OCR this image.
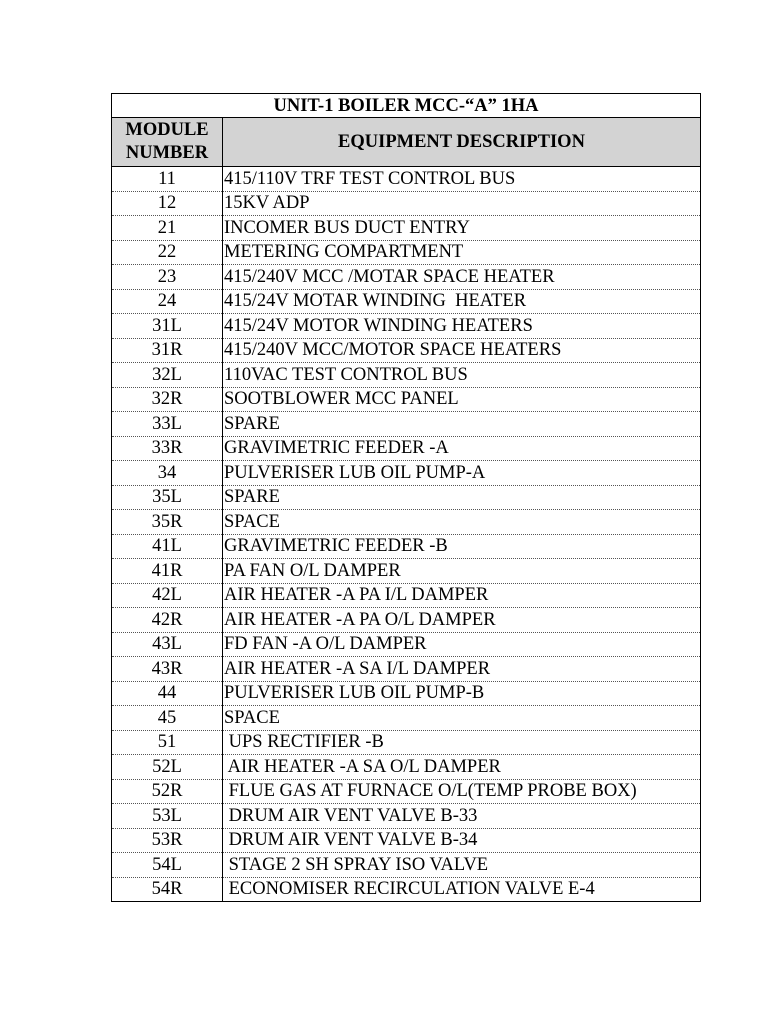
UNIT-1 BOILER MCC-“A” 1HA	
MODULE NUMBER	EQUIPMENT DESCRIPTION
11	415/110V TRF TEST CONTROL BUS
12	15KV ADP
21	INCOMER BUS DUCT ENTRY
22	METERING COMPARTMENT
23	415/240V MCC /MOTAR SPACE HEATER
24	415/24V MOTAR WINDING  HEATER
31L	415/24V MOTOR WINDING HEATERS
31R	415/240V MCC/MOTOR SPACE HEATERS
32L	110VAC TEST CONTROL BUS
32R	SOOTBLOWER MCC PANEL
33L	SPARE
33R	GRAVIMETRIC FEEDER -A
34	PULVERISER LUB OIL PUMP-A
35L	SPARE
35R	SPACE
41L	GRAVIMETRIC FEEDER -B
41R	PA FAN O/L DAMPER
42L	AIR HEATER -A PA I/L DAMPER
42R	AIR HEATER -A PA O/L DAMPER
43L	FD FAN -A O/L DAMPER
43R	AIR HEATER -A SA I/L DAMPER
44	PULVERISER LUB OIL PUMP-B
45	SPACE
51	UPS RECTIFIER -B
52L	AIR HEATER -A SA O/L DAMPER
52R	FLUE GAS AT FURNACE O/L(TEMP PROBE BOX)
53L	DRUM AIR VENT VALVE B-33
53R	DRUM AIR VENT VALVE B-34
54L	STAGE 2 SH SPRAY ISO VALVE
54R	ECONOMISER RECIRCULATION VALVE E-4
